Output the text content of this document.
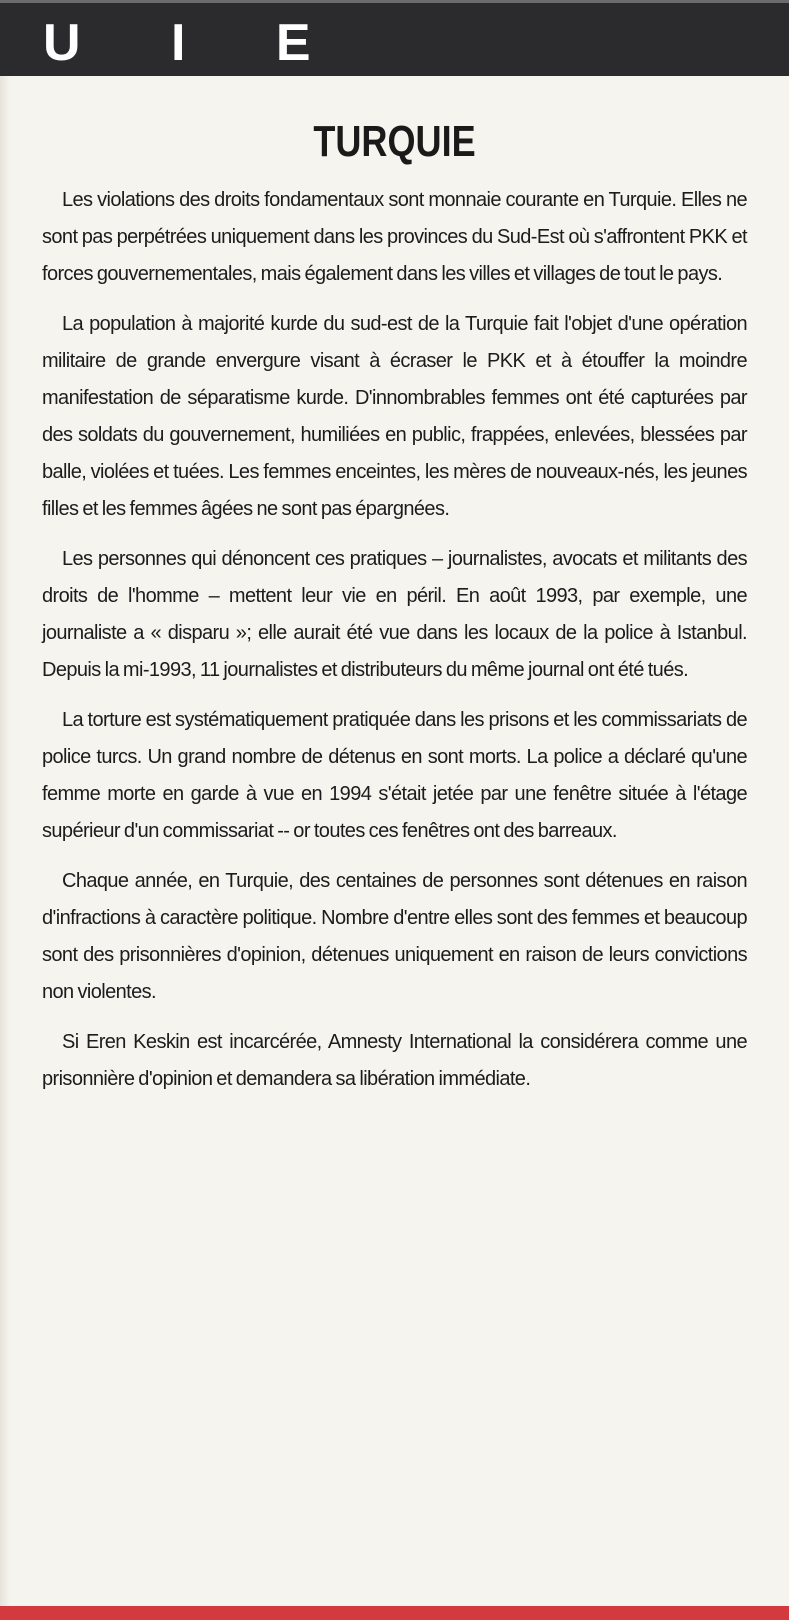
U I E
TURQUIE

Les violations des droits fondamentaux sont monnaie courante en Turquie. Elles ne sont pas perpétrées uniquement dans les provinces du Sud-Est où s'affrontent PKK et forces gouvernementales, mais également dans les villes et villages de tout le pays.

La population à majorité kurde du sud-est de la Turquie fait l'objet d'une opération militaire de grande envergure visant à écraser le PKK et à étouffer la moindre manifestation de séparatisme kurde. D'innombrables femmes ont été capturées par des soldats du gouvernement, humiliées en public, frappées, enlevées, blessées par balle, violées et tuées. Les femmes enceintes, les mères de nouveaux-nés, les jeunes filles et les femmes âgées ne sont pas épargnées.

Les personnes qui dénoncent ces pratiques – journalistes, avocats et militants des droits de l'homme – mettent leur vie en péril. En août 1993, par exemple, une journaliste a « disparu »; elle aurait été vue dans les locaux de la police à Istanbul. Depuis la mi-1993, 11 journalistes et distributeurs du même journal ont été tués.

La torture est systématiquement pratiquée dans les prisons et les commissariats de police turcs. Un grand nombre de détenus en sont morts. La police a déclaré qu'une femme morte en garde à vue en 1994 s'était jetée par une fenêtre située à l'étage supérieur d'un commissariat -- or toutes ces fenêtres ont des barreaux.

Chaque année, en Turquie, des centaines de personnes sont détenues en raison d'infractions à caractère politique. Nombre d'entre elles sont des femmes et beaucoup sont des prisonnières d'opinion, détenues uniquement en raison de leurs convictions non violentes.

Si Eren Keskin est incarcérée, Amnesty International la considérera comme une prisonnière d'opinion et demandera sa libération immédiate.
